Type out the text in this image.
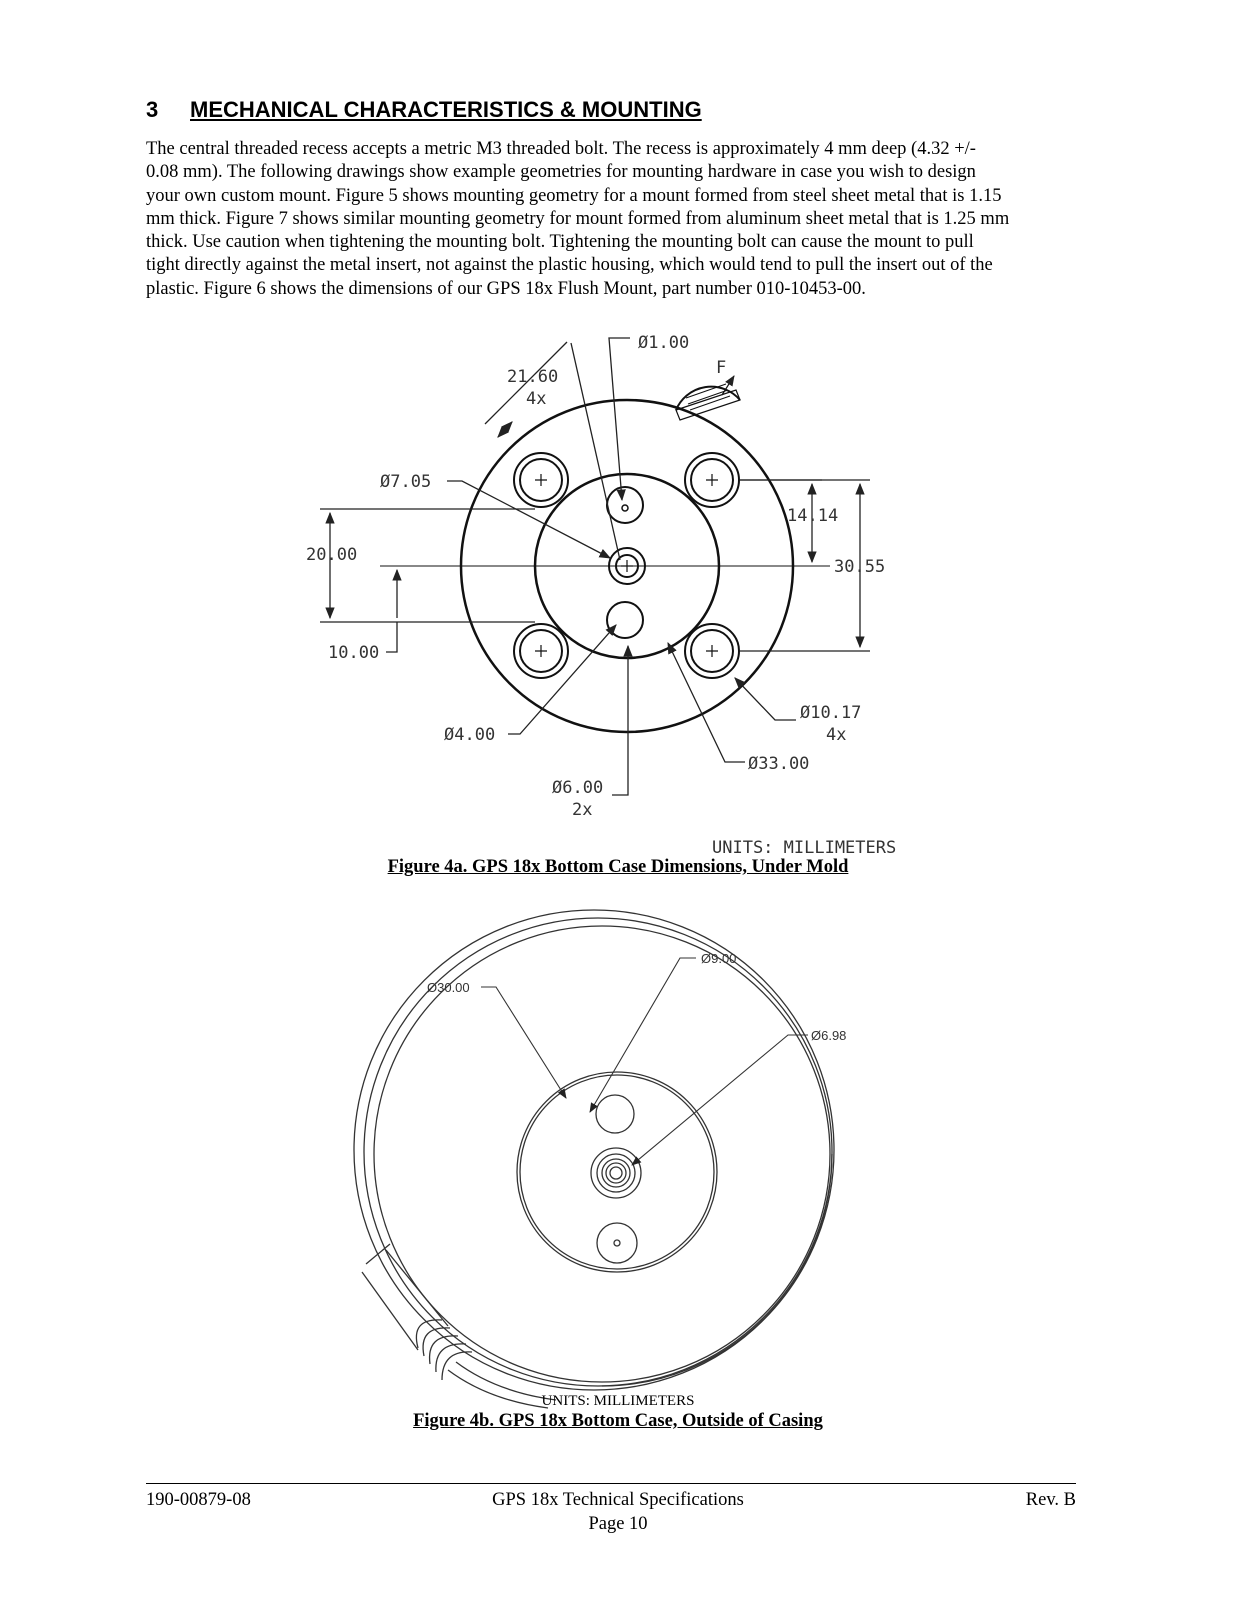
3 MECHANICAL CHARACTERISTICS & MOUNTING
The central threaded recess accepts a metric M3 threaded bolt. The recess is approximately 4 mm deep (4.32 +/-
0.08 mm). The following drawings show example geometries for mounting hardware in case you wish to design
your own custom mount. Figure 5 shows mounting geometry for a mount formed from steel sheet metal that is 1.15
mm thick. Figure 7 shows similar mounting geometry for mount formed from aluminum sheet metal that is 1.25 mm
thick. Use caution when tightening the mounting bolt. Tightening the mounting bolt can cause the mount to pull
tight directly against the metal insert, not against the plastic housing, which would tend to pull the insert out of the
plastic. Figure 6 shows the dimensions of our GPS 18x Flush Mount, part number 010-10453-00.
Ø1.00
21.60
4x
F
Ø7.05
14.14
20.00
30.55
10.00
Ø10.17
4x
Ø4.00
Ø33.00
Ø6.00
2x
UNITS: MILLIMETERS
Ø9.00
Ø30.00
Ø6.98
Figure 4a. GPS 18x Bottom Case Dimensions, Under Mold
UNITS: MILLIMETERS
Figure 4b. GPS 18x Bottom Case, Outside of Casing
190-00879-08	GPS 18x Technical Specifications
Page 10
Rev. B
